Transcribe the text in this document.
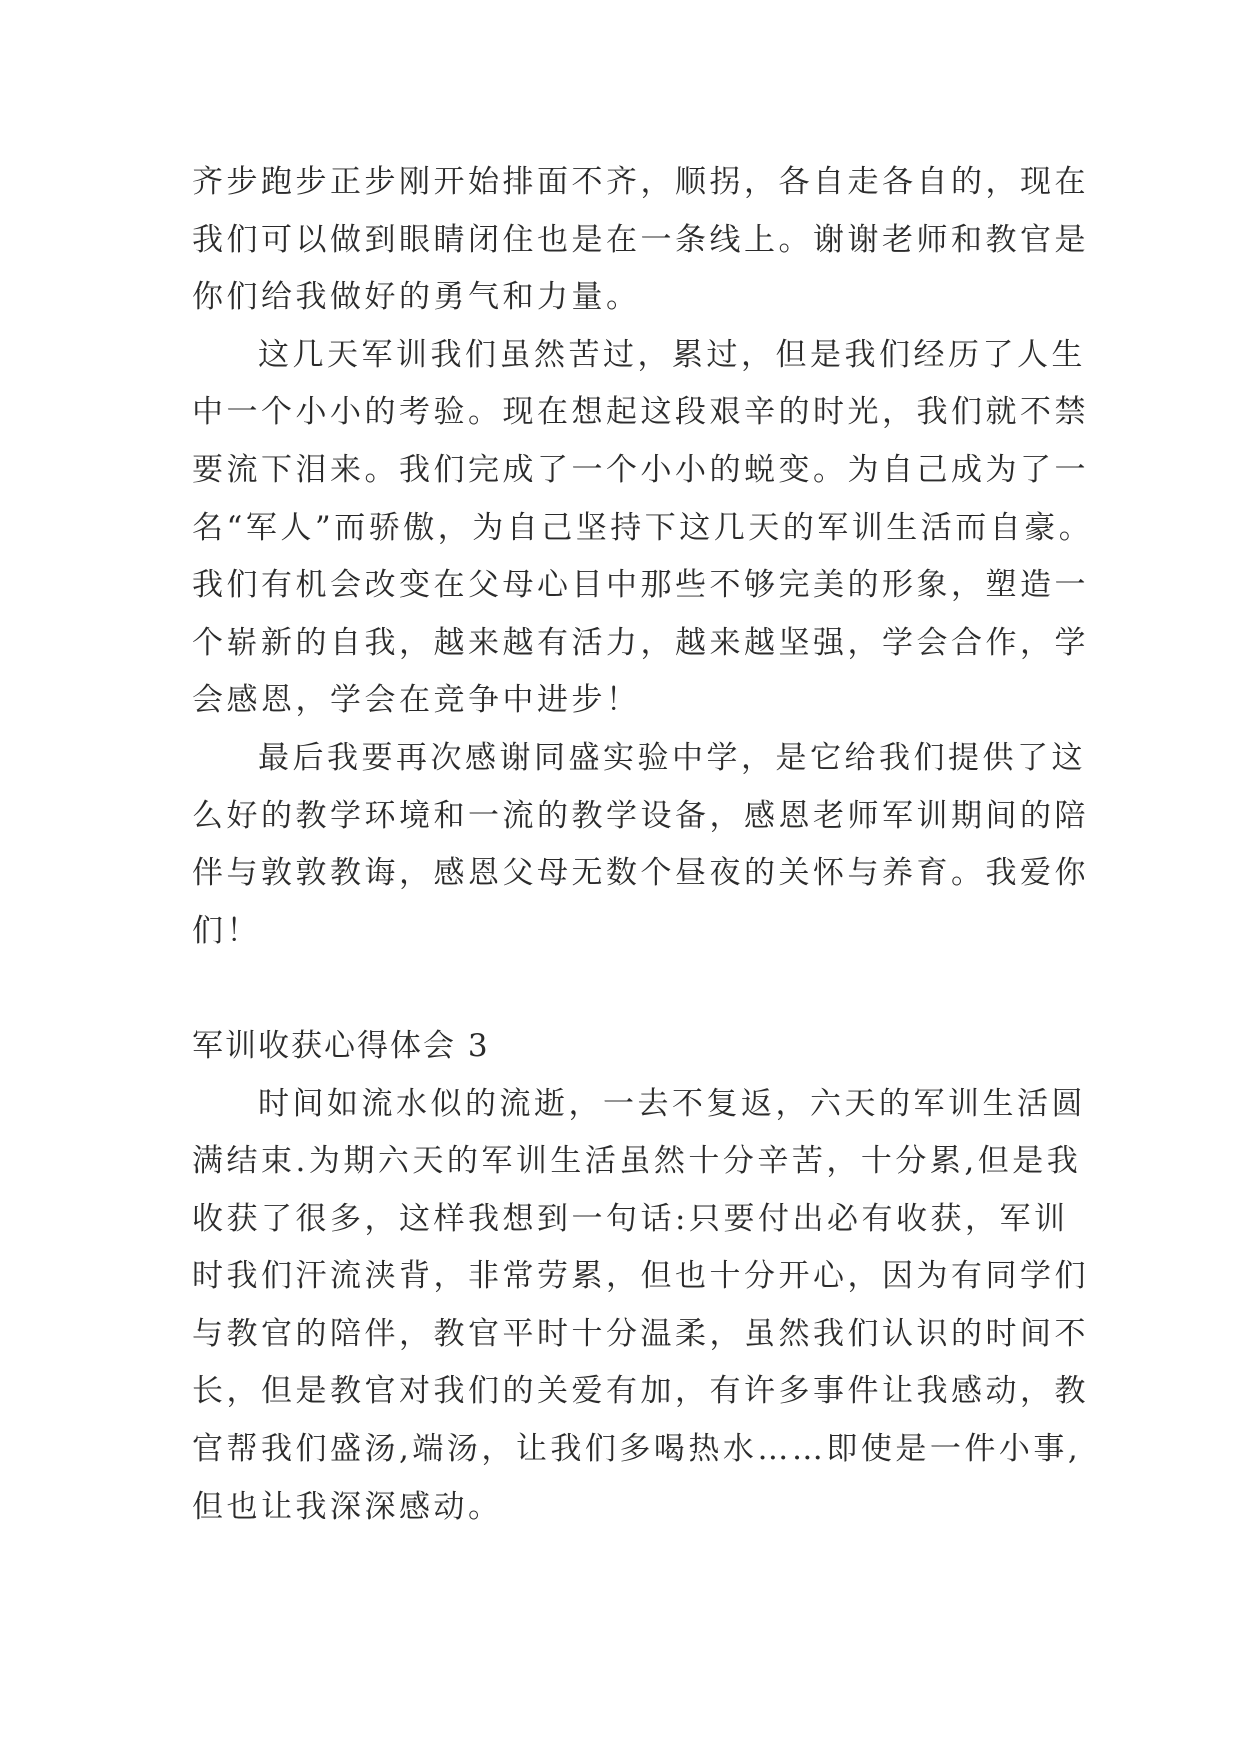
齐步跑步正步刚开始排面不齐，顺拐，各自走各自的，现在
我们可以做到眼睛闭住也是在一条线上。谢谢老师和教官是
你们给我做好的勇气和力量。
这几天军训我们虽然苦过，累过，但是我们经历了人生
中一个小小的考验。现在想起这段艰辛的时光，我们就不禁
要流下泪来。我们完成了一个小小的蜕变。为自己成为了一
名“军人”而骄傲，为自己坚持下这几天的军训生活而自豪。
我们有机会改变在父母心目中那些不够完美的形象，塑造一
个崭新的自我，越来越有活力，越来越坚强，学会合作，学
会感恩，学会在竞争中进步！
最后我要再次感谢同盛实验中学，是它给我们提供了这
么好的教学环境和一流的教学设备，感恩老师军训期间的陪
伴与敦敦教诲，感恩父母无数个昼夜的关怀与养育。我爱你
们！
军训收获心得体会 3
时间如流水似的流逝，一去不复返，六天的军训生活圆
满结束.为期六天的军训生活虽然十分辛苦，十分累,但是我
收获了很多，这样我想到一句话:只要付出必有收获，军训
时我们汗流浃背，非常劳累，但也十分开心，因为有同学们
与教官的陪伴，教官平时十分温柔，虽然我们认识的时间不
长，但是教官对我们的关爱有加，有许多事件让我感动，教
官帮我们盛汤,端汤，让我们多喝热水……即使是一件小事,
但也让我深深感动。
